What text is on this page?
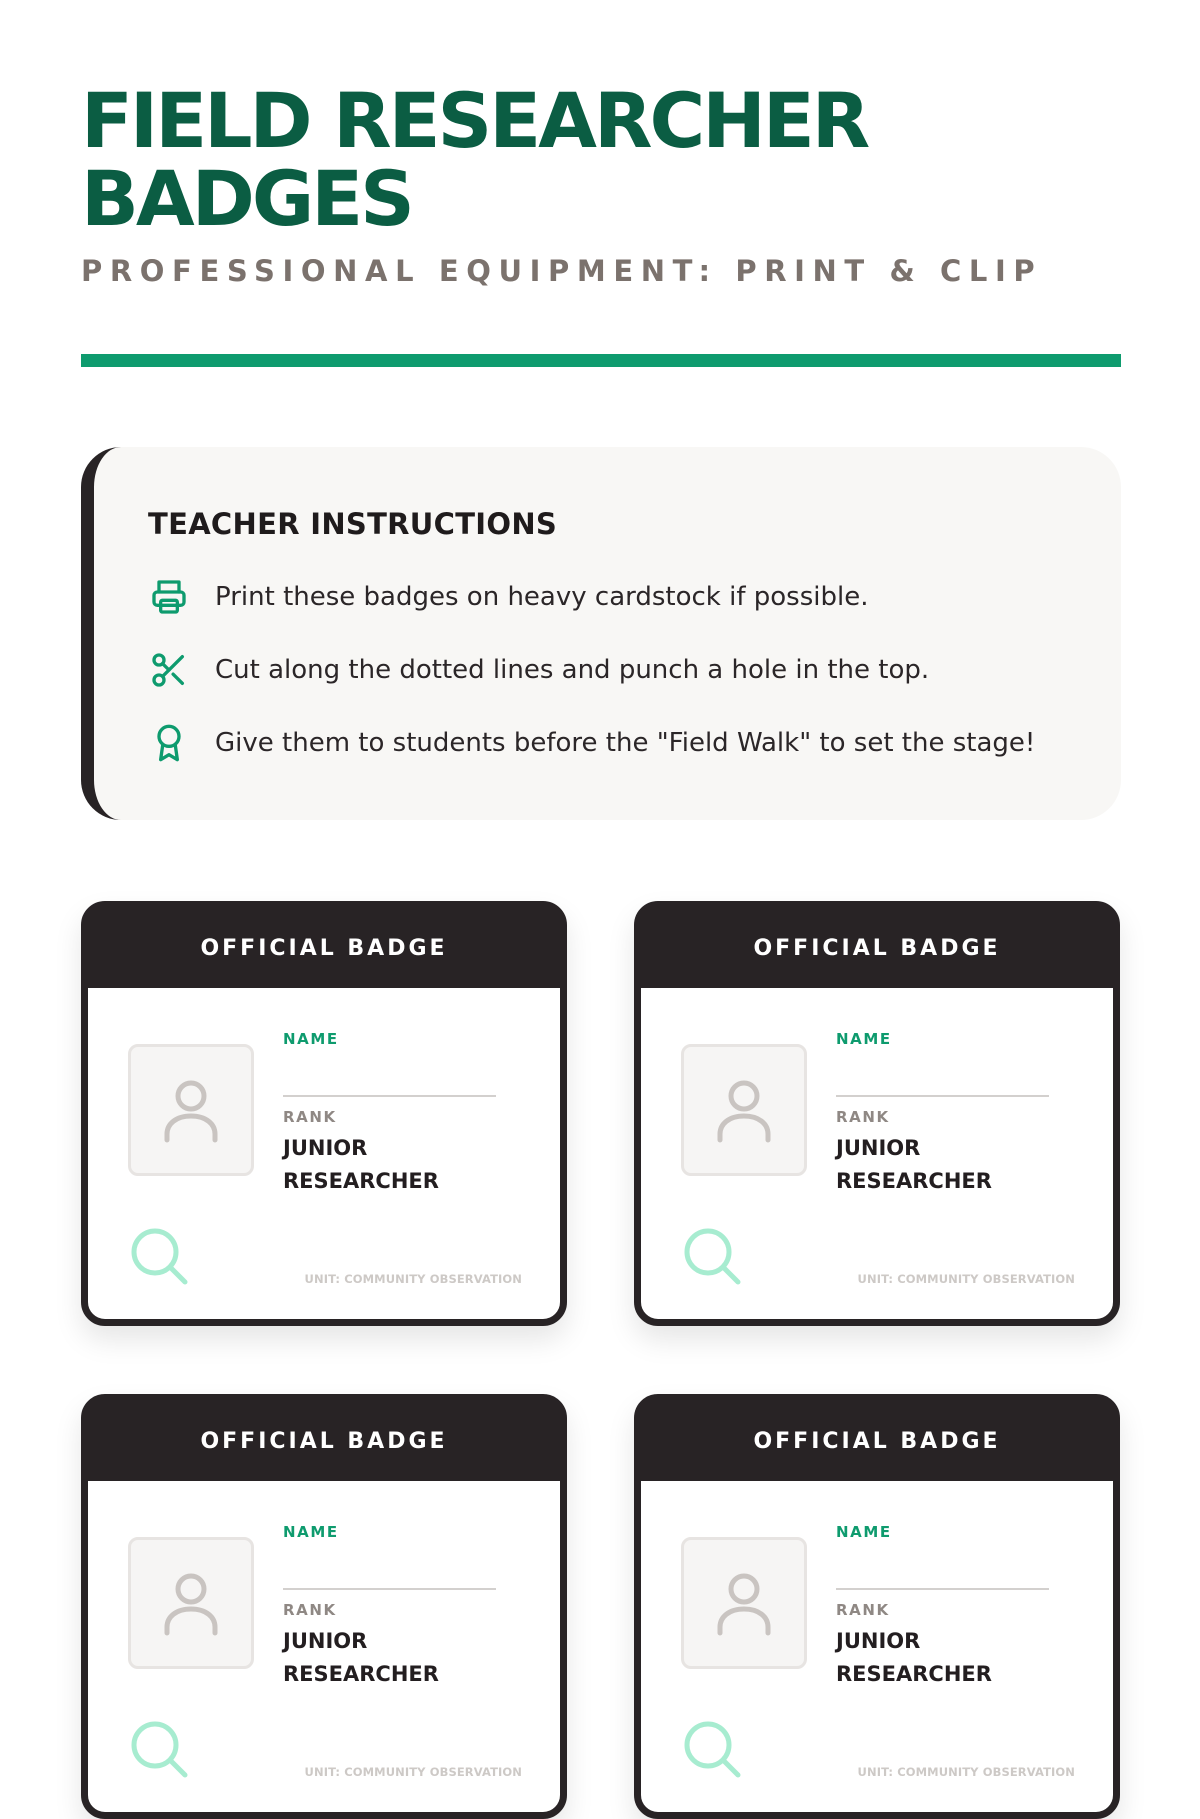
FIELD RESEARCHER BADGES

PROFESSIONAL EQUIPMENT: PRINT & CLIP

TEACHER INSTRUCTIONS
Print these badges on heavy cardstock if possible.
Cut along the dotted lines and punch a hole in the top.
Give them to students before the "Field Walk" to set the stage!
OFFICIAL BADGE
NAME
RANK
JUNIOR RESEARCHER
UNIT: COMMUNITY OBSERVATION
OFFICIAL BADGE
NAME
RANK
JUNIOR RESEARCHER
UNIT: COMMUNITY OBSERVATION
OFFICIAL BADGE
NAME
RANK
JUNIOR RESEARCHER
UNIT: COMMUNITY OBSERVATION
OFFICIAL BADGE
NAME
RANK
JUNIOR RESEARCHER
UNIT: COMMUNITY OBSERVATION
